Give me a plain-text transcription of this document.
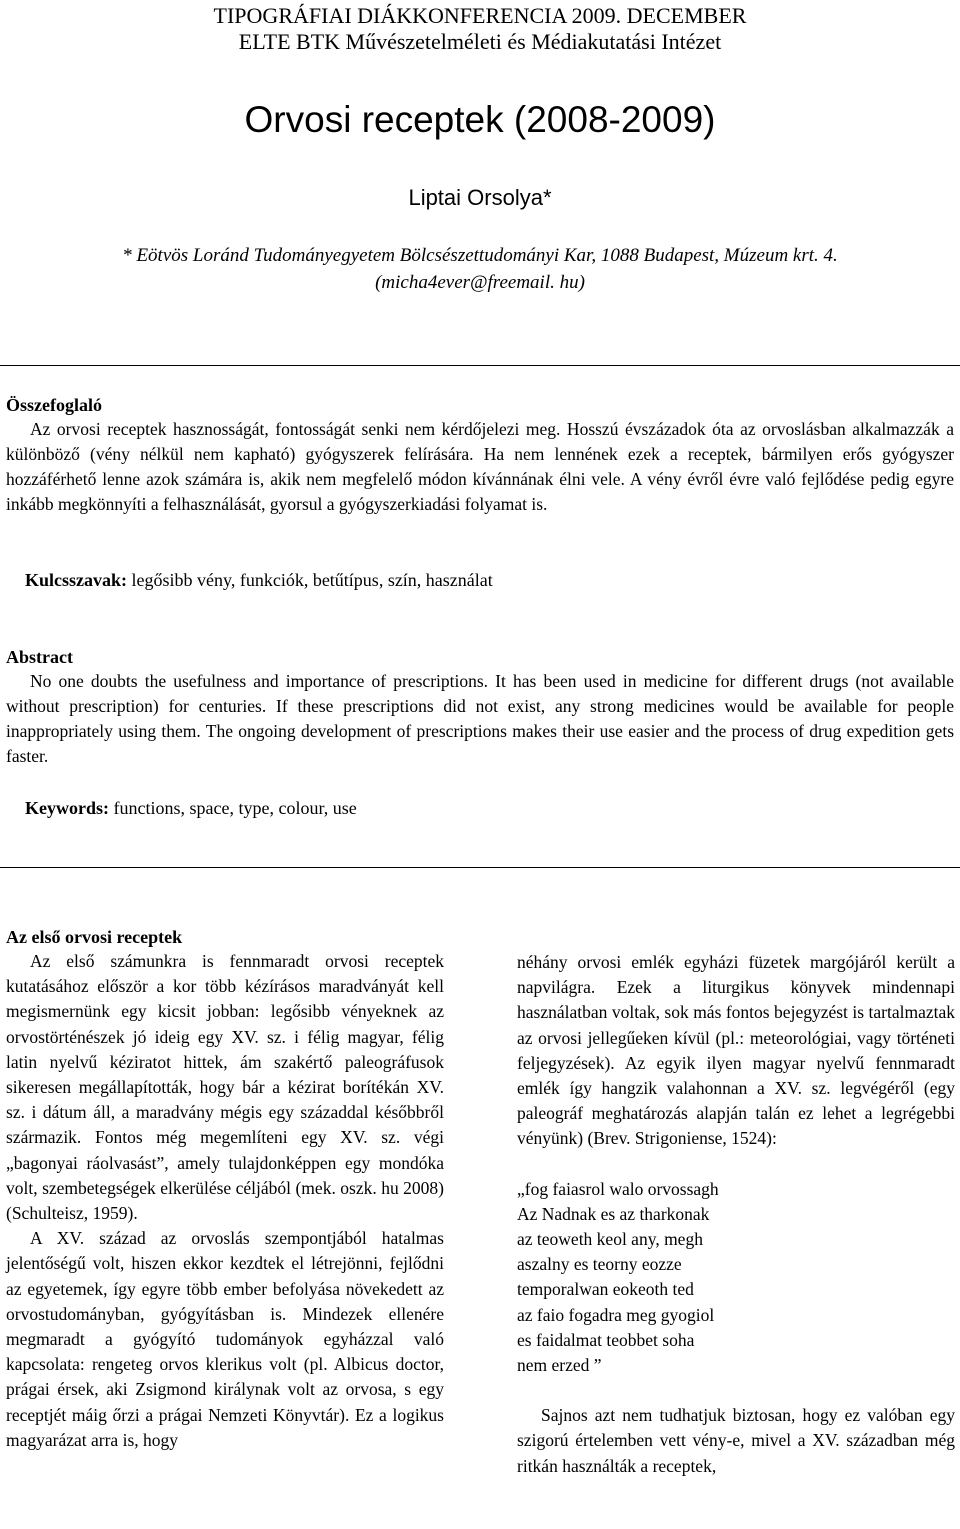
TIPOGRÁFIAI DIÁKKONFERENCIA 2009. DECEMBER
ELTE BTK Művészetelméleti és Médiakutatási Intézet
Orvosi receptek (2008-2009)
Liptai Orsolya*
* Eötvös Loránd Tudományegyetem Bölcsészettudományi Kar, 1088 Budapest, Múzeum krt. 4.
(micha4ever@freemail. hu)
Összefoglaló

Az orvosi receptek hasznosságát, fontosságát senki nem kérdőjelezi meg. Hosszú évszázadok óta az orvoslásban alkalmazzák a különböző (vény nélkül nem kapható) gyógyszerek felírására. Ha nem lennének ezek a receptek, bármilyen erős gyógyszer hozzáférhető lenne azok számára is, akik nem megfelelő módon kívánnának élni vele. A vény évről évre való fejlődése pedig egyre inkább megkönnyíti a felhasználását, gyorsul a gyógyszerkiadási folyamat is.

Kulcsszavak: legősibb vény, funkciók, betűtípus, szín, használat
Abstract

No one doubts the usefulness and importance of prescriptions. It has been used in medicine for different drugs (not available without prescription) for centuries. If these prescriptions did not exist, any strong medicines would be available for people inappropriately using them. The ongoing development of prescriptions makes their use easier and the process of drug expedition gets faster.

Keywords: functions, space, type, colour, use
Az első orvosi receptek

Az első számunkra is fennmaradt orvosi receptek kutatásához először a kor több kézírásos maradványát kell megismernünk egy kicsit jobban: legősibb vényeknek az orvostörténészek jó ideig egy XV. sz. i félig magyar, félig latin nyelvű kéziratot hittek, ám szakértő paleográfusok sikeresen megállapították, hogy bár a kézirat borítékán XV. sz. i dátum áll, a maradvány mégis egy századdal későbbről származik. Fontos még megemlíteni egy XV. sz. végi „bagonyai ráolvasást”, amely tulajdonképpen egy mondóka volt, szembetegségek elkerülése céljából (mek. oszk. hu 2008) (Schulteisz, 1959).

A XV. század az orvoslás szempontjából hatalmas jelentőségű volt, hiszen ekkor kezdtek el létrejönni, fejlődni az egyetemek, így egyre több ember befolyása növekedett az orvostudományban, gyógyításban is. Mindezek ellenére megmaradt a gyógyító tudományok egyházzal való kapcsolata: rengeteg orvos klerikus volt (pl. Albicus doctor, prágai érsek, aki Zsigmond királynak volt az orvosa, s egy receptjét máig őrzi a prágai Nemzeti Könyvtár). Ez a logikus magyarázat arra is, hogy

néhány orvosi emlék egyházi füzetek margójáról került a napvilágra. Ezek a liturgikus könyvek mindennapi használatban voltak, sok más fontos bejegyzést is tartalmaztak az orvosi jellegűeken kívül (pl.: meteorológiai, vagy történeti feljegyzések). Az egyik ilyen magyar nyelvű fennmaradt emlék így hangzik valahonnan a XV. sz. legvégéről (egy paleográf meghatározás alapján talán ez lehet a legrégebbi vényünk) (Brev. Strigoniense, 1524):

„fog faiasrol walo orvossagh
Az Nadnak es az tharkonak
az teoweth keol any, megh
aszalny es teorny eozze
temporalwan eokeoth ted
az faio fogadra meg gyogiol
es faidalmat teobbet soha
nem erzed ”

Sajnos azt nem tudhatjuk biztosan, hogy ez valóban egy szigorú értelemben vett vény-e, mivel a XV. században még ritkán használták a receptek,
